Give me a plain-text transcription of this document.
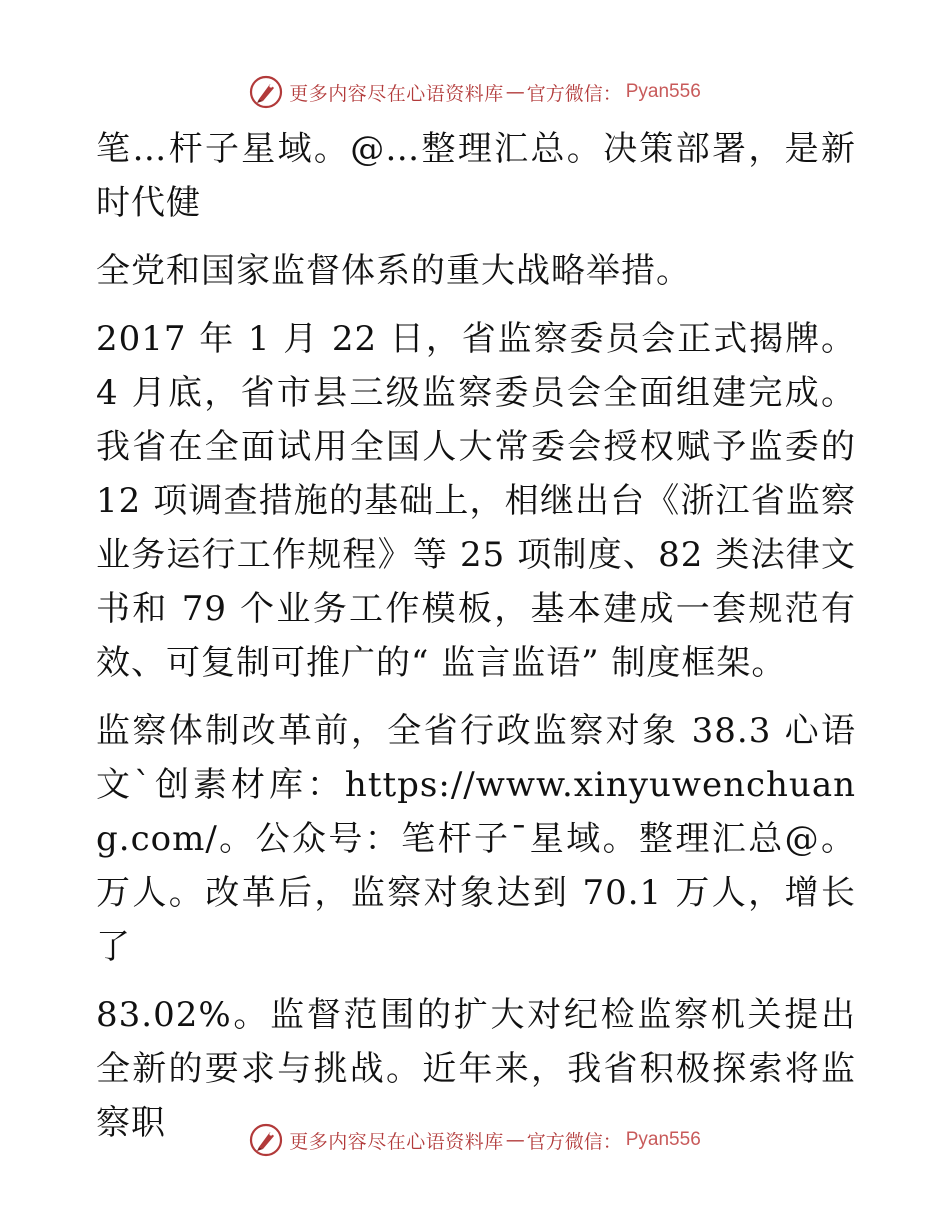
更多内容尽在心语资料库 — 官方微信： Pyan556

笔…杆子星域。@…整理汇总。决策部署，是新时代健

全党和国家监督体系的重大战略举措。

2017 年 1 月 22 日，省监察委员会正式揭牌。4 月底，省市县三级监察委员会全面组建完成。我省在全面试用全国人大常委会授权赋予监委的 12 项调查措施的基础上，相继出台《浙江省监察业务运行工作规程》等 25 项制度、82 类法律文书和 79 个业务工作模板，基本建成一套规范有效、可复制可推广的“ 监言监语” 制度框架。

监察体制改革前，全省行政监察对象 38.3 心语文`创素材库：https://www.xinyuwenchuang.com/。公众号：笔杆子¯星域。整理汇总@。万人。改革后，监察对象达到 70.1 万人，增长了

83.02%。监督范围的扩大对纪检监察机关提出全新的要求与挑战。近年来，我省积极探索将监察职	更多内容尽在心语资料库 — 官方微信： Pyan556
